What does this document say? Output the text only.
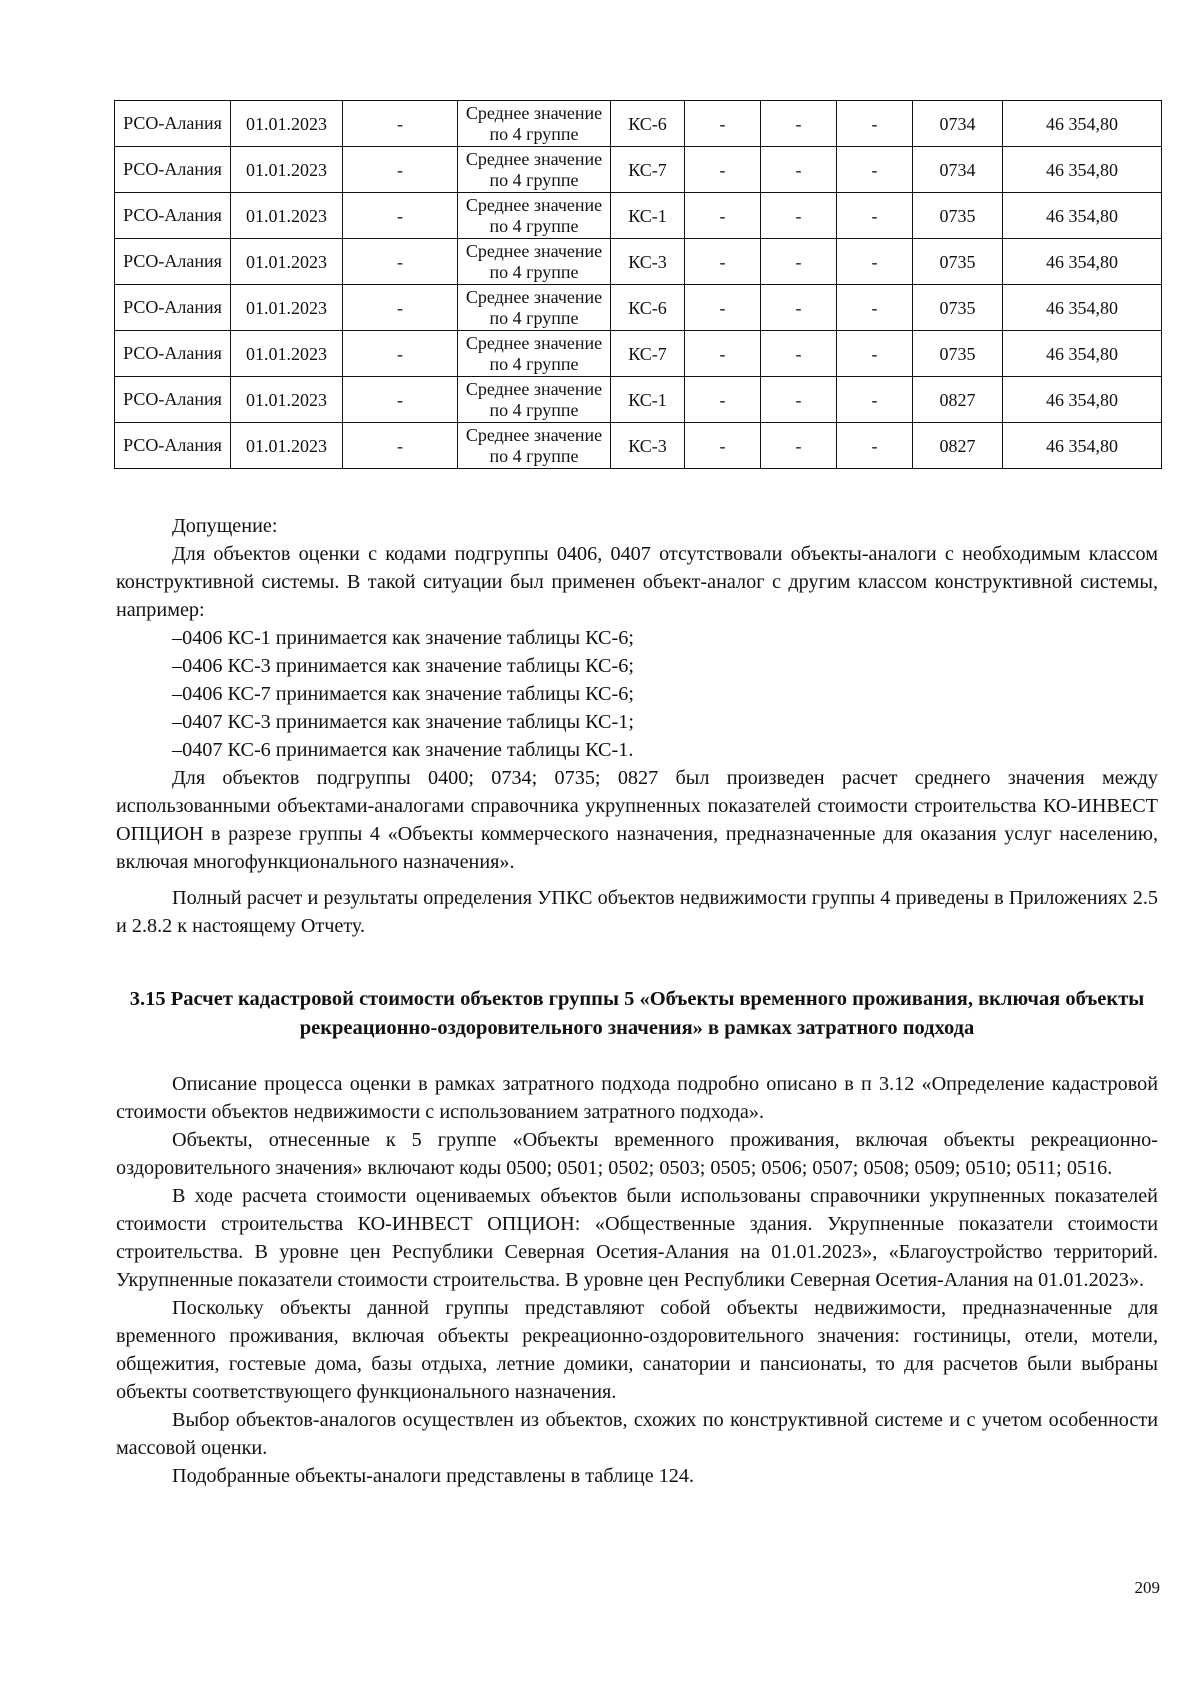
РСО-Алания	01.01.2023	-	Среднее значение по 4 группе	КС-6	-	-	-	0734	46 354,80
РСО-Алания	01.01.2023	-	Среднее значение по 4 группе	КС-7	-	-	-	0734	46 354,80
РСО-Алания	01.01.2023	-	Среднее значение по 4 группе	КС-1	-	-	-	0735	46 354,80
РСО-Алания	01.01.2023	-	Среднее значение по 4 группе	КС-3	-	-	-	0735	46 354,80
РСО-Алания	01.01.2023	-	Среднее значение по 4 группе	КС-6	-	-	-	0735	46 354,80
РСО-Алания	01.01.2023	-	Среднее значение по 4 группе	КС-7	-	-	-	0735	46 354,80
РСО-Алания	01.01.2023	-	Среднее значение по 4 группе	КС-1	-	-	-	0827	46 354,80
РСО-Алания	01.01.2023	-	Среднее значение по 4 группе	КС-3	-	-	-	0827	46 354,80

Допущение:

Для объектов оценки с кодами подгруппы 0406, 0407 отсутствовали объекты-аналоги с необходимым классом конструктивной системы. В такой ситуации был применен объект-аналог с другим классом конструктивной системы, например:

–0406 КС-1 принимается как значение таблицы КС-6;

–0406 КС-3 принимается как значение таблицы КС-6;

–0406 КС-7 принимается как значение таблицы КС-6;

–0407 КС-3 принимается как значение таблицы КС-1;

–0407 КС-6 принимается как значение таблицы КС-1.

Для объектов подгруппы 0400; 0734; 0735; 0827 был произведен расчет среднего значения между использованными объектами-аналогами справочника укрупненных показателей стоимости строительства КО-ИНВЕСТ ОПЦИОН в разрезе группы 4 «Объекты коммерческого назначения, предназначенные для оказания услуг населению, включая многофункционального назначения».

Полный расчет и результаты определения УПКС объектов недвижимости группы 4 приведены в Приложениях 2.5 и 2.8.2 к настоящему Отчету.

3.15 Расчет кадастровой стоимости объектов группы 5 «Объекты временного проживания, включая объекты рекреационно-оздоровительного значения» в рамках затратного подхода

Описание процесса оценки в рамках затратного подхода подробно описано в п 3.12 «Определение кадастровой стоимости объектов недвижимости с использованием затратного подхода».

Объекты, отнесенные к 5 группе «Объекты временного проживания, включая объекты рекреационно-оздоровительного значения» включают коды 0500; 0501; 0502; 0503; 0505; 0506; 0507; 0508; 0509; 0510; 0511; 0516.

В ходе расчета стоимости оцениваемых объектов были использованы справочники укрупненных показателей стоимости строительства КО-ИНВЕСТ ОПЦИОН: «Общественные здания. Укрупненные показатели стоимости строительства. В уровне цен Республики Северная Осетия-Алания на 01.01.2023», «Благоустройство территорий. Укрупненные показатели стоимости строительства. В уровне цен Республики Северная Осетия-Алания на 01.01.2023».

Поскольку объекты данной группы представляют собой объекты недвижимости, предназначенные для временного проживания, включая объекты рекреационно-оздоровительного значения: гостиницы, отели, мотели, общежития, гостевые дома, базы отдыха, летние домики, санатории и пансионаты, то для расчетов были выбраны объекты соответствующего функционального назначения.

Выбор объектов-аналогов осуществлен из объектов, схожих по конструктивной системе и с учетом особенности массовой оценки.

Подобранные объекты-аналоги представлены в таблице 124.

209
